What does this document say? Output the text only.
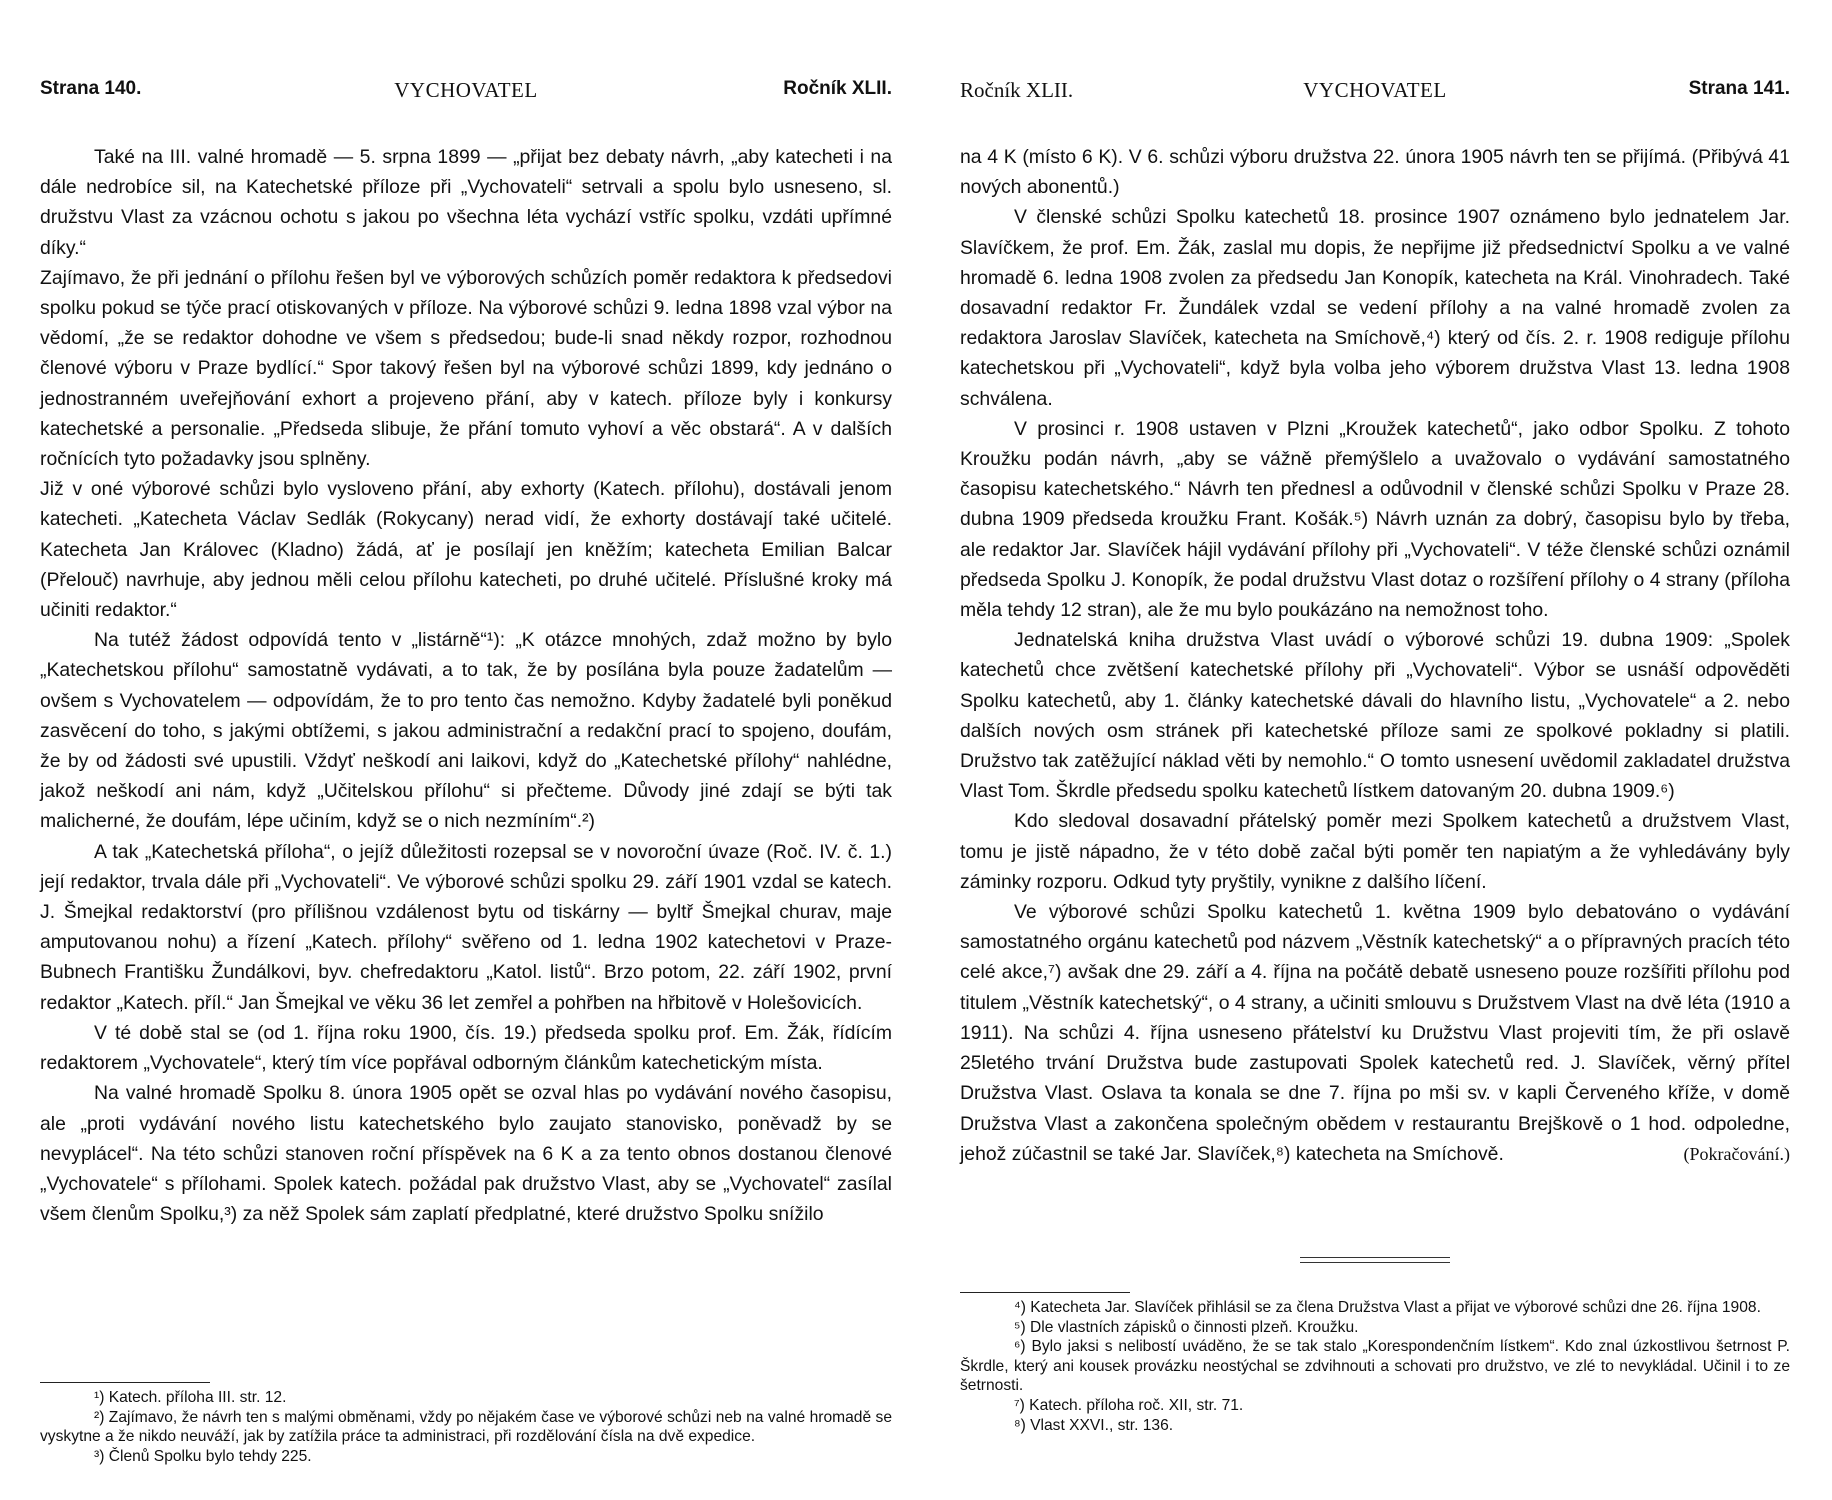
Strana 140.	VYCHOVATEL	Ročník XLII.

Také na III. valné hromadě — 5. srpna 1899 — „přijat bez debaty návrh, „aby katecheti i na dále nedrobíce sil, na Katechetské příloze při „Vychovateli“ setrvali a spolu bylo usneseno, sl. družstvu Vlast za vzácnou ochotu s jakou po všechna léta vychází vstříc spolku, vzdáti upřímné díky.“

Zajímavo, že při jednání o přílohu řešen byl ve výborových schůzích poměr redaktora k předsedovi spolku pokud se týče prací otiskovaných v příloze. Na výborové schůzi 9. ledna 1898 vzal výbor na vědomí, „že se redaktor dohodne ve všem s předsedou; bude-li snad někdy rozpor, rozhodnou členové výboru v Praze bydlící.“ Spor takový řešen byl na výborové schůzi 1899, kdy jednáno o jednostranném uveřejňování exhort a projeveno přání, aby v katech. příloze byly i konkursy katechetské a personalie. „Předseda slibuje, že přání tomuto vyhoví a věc obstará“. A v dalších ročnících tyto požadavky jsou splněny.

Již v oné výborové schůzi bylo vysloveno přání, aby exhorty (Katech. přílohu), dostávali jenom katecheti. „Katecheta Václav Sedlák (Rokycany) nerad vidí, že exhorty dostávají také učitelé. Katecheta Jan Královec (Kladno) žádá, ať je posílají jen kněžím; katecheta Emilian Balcar (Přelouč) navrhuje, aby jednou měli celou přílohu katecheti, po druhé učitelé. Příslušné kroky má učiniti redaktor.“

Na tutéž žádost odpovídá tento v „listárně“¹): „K otázce mnohých, zdaž možno by bylo „Katechetskou přílohu“ samostatně vydávati, a to tak, že by posílána byla pouze žadatelům — ovšem s Vychovatelem — odpovídám, že to pro tento čas nemožno. Kdyby žadatelé byli poněkud zasvěcení do toho, s jakými obtížemi, s jakou administrační a redakční prací to spojeno, doufám, že by od žádosti své upustili. Vždyť neškodí ani laikovi, když do „Katechetské přílohy“ nahlédne, jakož neškodí ani nám, když „Učitelskou přílohu“ si přečteme. Důvody jiné zdají se býti tak malicherné, že doufám, lépe učiním, když se o nich nezmíním“.²)

A tak „Katechetská příloha“, o jejíž důležitosti rozepsal se v novoroční úvaze (Roč. IV. č. 1.) její redaktor, trvala dále při „Vychovateli“. Ve výborové schůzi spolku 29. září 1901 vzdal se katech. J. Šmejkal redaktorství (pro přílišnou vzdálenost bytu od tiskárny — byltř Šmejkal churav, maje amputovanou nohu) a řízení „Katech. přílohy“ svěřeno od 1. ledna 1902 katechetovi v Praze-Bubnech Františku Žundálkovi, byv. chefredaktoru „Katol. listů“. Brzo potom, 22. září 1902, první redaktor „Katech. příl.“ Jan Šmejkal ve věku 36 let zemřel a pohřben na hřbitově v Holešovicích.

V té době stal se (od 1. října roku 1900, čís. 19.) předseda spolku prof. Em. Žák, řídícím redaktorem „Vychovatele“, který tím více popřával odborným článkům katechetickým místa.

Na valné hromadě Spolku 8. února 1905 opět se ozval hlas po vydávání nového časopisu, ale „proti vydávání nového listu katechetského bylo zaujato stanovisko, poněvadž by se nevyplácel“. Na této schůzi stanoven roční příspěvek na 6 K a za tento obnos dostanou členové „Vychovatele“ s přílohami. Spolek katech. požádal pak družstvo Vlast, aby se „Vychovatel“ zasílal všem členům Spolku,³) za něž Spolek sám zaplatí předplatné, které družstvo Spolku snížilo

¹) Katech. příloha III. str. 12.

²) Zajímavo, že návrh ten s malými obměnami, vždy po nějakém čase ve výborové schůzi neb na valné hromadě se vyskytne a že nikdo neuváží, jak by zatížila práce ta administraci, při rozdělování čísla na dvě expedice.

³) Členů Spolku bylo tehdy 225.

Ročník XLII.	VYCHOVATEL	Strana 141.

na 4 K (místo 6 K). V 6. schůzi výboru družstva 22. února 1905 návrh ten se přijímá. (Přibývá 41 nových abonentů.)

V členské schůzi Spolku katechetů 18. prosince 1907 oznámeno bylo jednatelem Jar. Slavíčkem, že prof. Em. Žák, zaslal mu dopis, že nepřijme již předsednictví Spolku a ve valné hromadě 6. ledna 1908 zvolen za předsedu Jan Konopík, katecheta na Král. Vinohradech. Také dosavadní redaktor Fr. Žundálek vzdal se vedení přílohy a na valné hromadě zvolen za redaktora Jaroslav Slavíček, katecheta na Smíchově,⁴) který od čís. 2. r. 1908 rediguje přílohu katechetskou při „Vychovateli“, když byla volba jeho výborem družstva Vlast 13. ledna 1908 schválena.

V prosinci r. 1908 ustaven v Plzni „Kroužek katechetů“, jako odbor Spolku. Z tohoto Kroužku podán návrh, „aby se vážně přemýšlelo a uvažovalo o vydávání samostatného časopisu katechetského.“ Návrh ten přednesl a odůvodnil v členské schůzi Spolku v Praze 28. dubna 1909 předseda kroužku Frant. Košák.⁵) Návrh uznán za dobrý, časopisu bylo by třeba, ale redaktor Jar. Slavíček hájil vydávání přílohy při „Vychovateli“. V téže členské schůzi oznámil předseda Spolku J. Konopík, že podal družstvu Vlast dotaz o rozšíření přílohy o 4 strany (příloha měla tehdy 12 stran), ale že mu bylo poukázáno na nemožnost toho.

Jednatelská kniha družstva Vlast uvádí o výborové schůzi 19. dubna 1909: „Spolek katechetů chce zvětšení katechetské přílohy při „Vychovateli“. Výbor se usnáší odpověděti Spolku katechetů, aby 1. články katechetské dávali do hlavního listu, „Vychovatele“ a 2. nebo dalších nových osm stránek při katechetské příloze sami ze spolkové pokladny si platili. Družstvo tak zatěžující náklad věti by nemohlo.“ O tomto usnesení uvědomil zakladatel družstva Vlast Tom. Škrdle předsedu spolku katechetů lístkem datovaným 20. dubna 1909.⁶)

Kdo sledoval dosavadní přátelský poměr mezi Spolkem katechetů a družstvem Vlast, tomu je jistě nápadno, že v této době začal býti poměr ten napiatým a že vyhledávány byly záminky rozporu. Odkud tyty pryštily, vynikne z dalšího líčení.

Ve výborové schůzi Spolku katechetů 1. května 1909 bylo debatováno o vydávání samostatného orgánu katechetů pod názvem „Věstník katechetský“ a o přípravných pracích této celé akce,⁷) avšak dne 29. září a 4. října na počátě debatě usneseno pouze rozšířiti přílohu pod titulem „Věstník katechetský“, o 4 strany, a učiniti smlouvu s Družstvem Vlast na dvě léta (1910 a 1911). Na schůzi 4. října usneseno přátelství ku Družstvu Vlast projeviti tím, že při oslavě 25letého trvání Družstva bude zastupovati Spolek katechetů red. J. Slavíček, věrný přítel Družstva Vlast. Oslava ta konala se dne 7. října po mši sv. v kapli Červeného kříže, v domě Družstva Vlast a zakončena společným obědem v restaurantu Brejškově o 1 hod. odpoledne, jehož zúčastnil se také Jar. Slavíček,⁸) katecheta na Smíchově.	(Pokračování.)

⁴) Katecheta Jar. Slavíček přihlásil se za člena Družstva Vlast a přijat ve výborové schůzi dne 26. října 1908.

⁵) Dle vlastních zápisků o činnosti plzeň. Kroužku.

⁶) Bylo jaksi s nelibostí uváděno, že se tak stalo „Korespondenčním lístkem“. Kdo znal úzkostlivou šetrnost P. Škrdle, který ani kousek provázku neostýchal se zdvihnouti a schovati pro družstvo, ve zlé to nevykládal. Učinil i to ze šetrnosti.

⁷) Katech. příloha roč. XII, str. 71.

⁸) Vlast XXVI., str. 136.
